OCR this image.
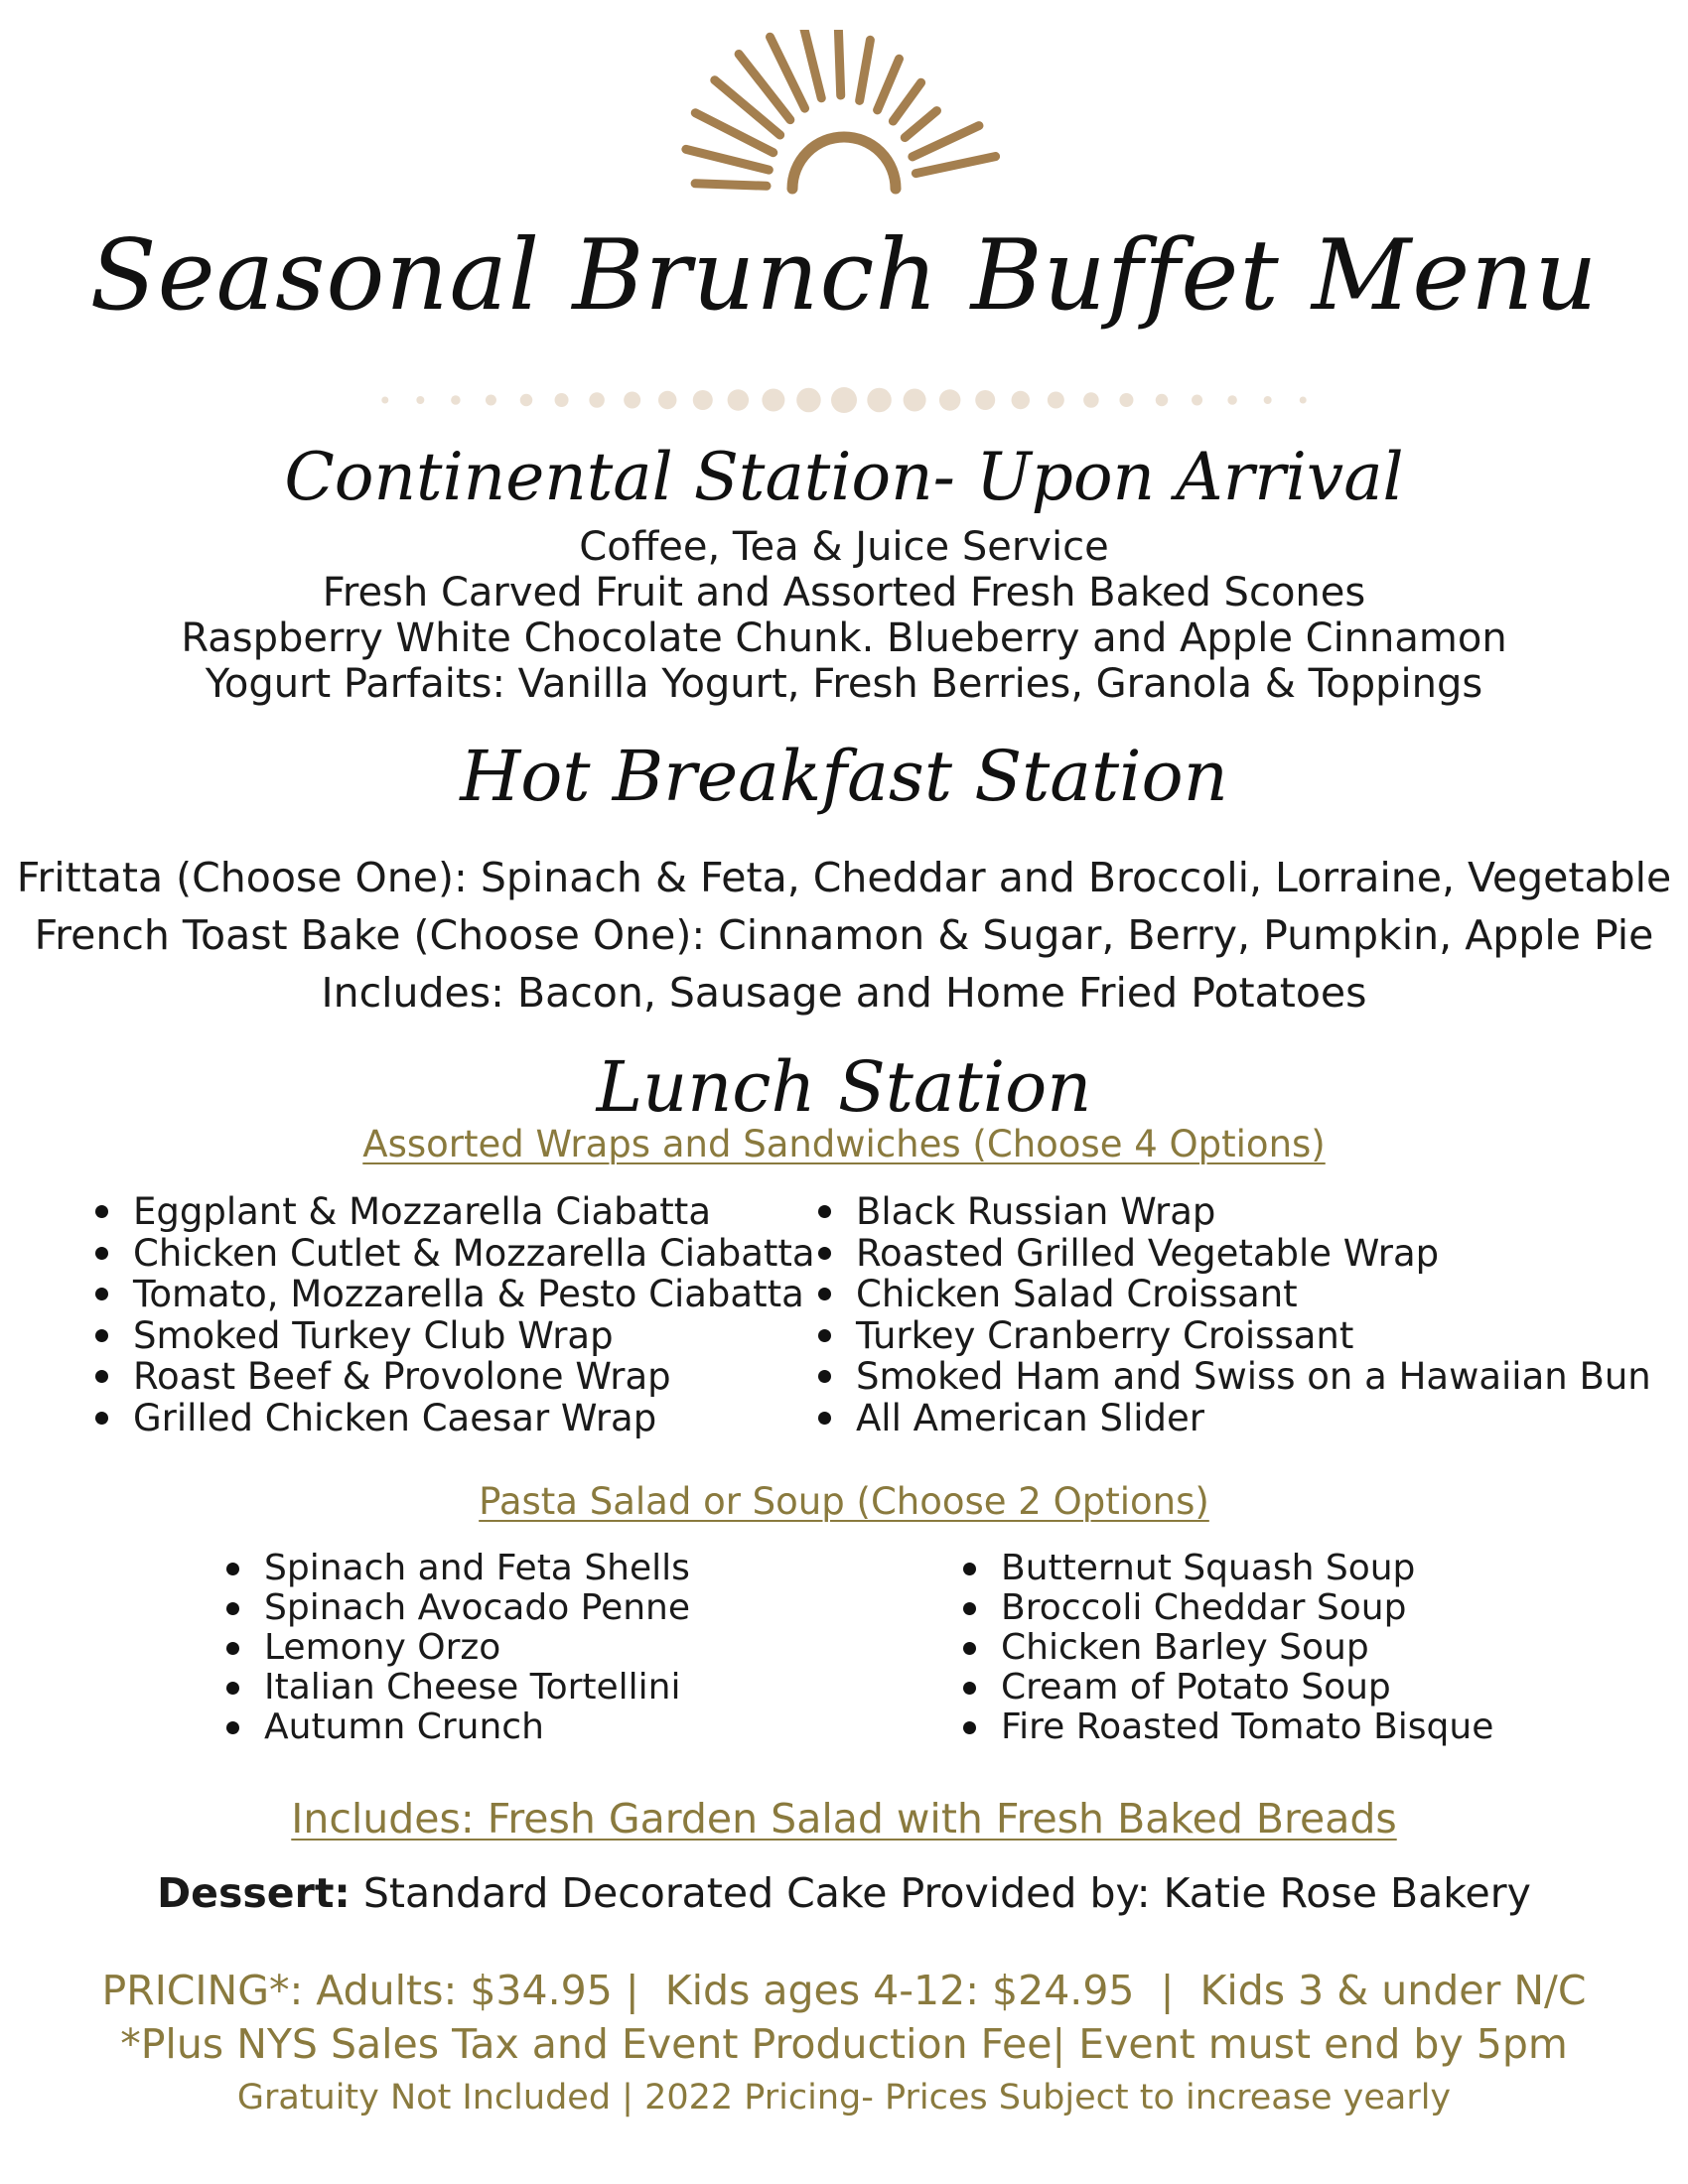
Seasonal Brunch Buffet Menu
Continental Station- Upon Arrival
Coffee, Tea & Juice Service
Fresh Carved Fruit and Assorted Fresh Baked Scones
Raspberry White Chocolate Chunk. Blueberry and Apple Cinnamon
Yogurt Parfaits: Vanilla Yogurt, Fresh Berries, Granola & Toppings
Hot Breakfast Station
Frittata (Choose One): Spinach & Feta, Cheddar and Broccoli, Lorraine, Vegetable
French Toast Bake (Choose One): Cinnamon & Sugar, Berry, Pumpkin, Apple Pie
Includes: Bacon, Sausage and Home Fried Potatoes
Lunch Station
Assorted Wraps and Sandwiches (Choose 4 Options)
Eggplant & Mozzarella Ciabatta
Chicken Cutlet & Mozzarella Ciabatta
Tomato, Mozzarella & Pesto Ciabatta
Smoked Turkey Club Wrap
Roast Beef & Provolone Wrap
Grilled Chicken Caesar Wrap
Black Russian Wrap
Roasted Grilled Vegetable Wrap
Chicken Salad Croissant
Turkey Cranberry Croissant
Smoked Ham and Swiss on a Hawaiian Bun
All American Slider
Pasta Salad or Soup (Choose 2 Options)
Spinach and Feta Shells
Spinach Avocado Penne
Lemony Orzo
Italian Cheese Tortellini
Autumn Crunch
Butternut Squash Soup
Broccoli Cheddar Soup
Chicken Barley Soup
Cream of Potato Soup
Fire Roasted Tomato Bisque
Includes: Fresh Garden Salad with Fresh Baked Breads
Dessert: Standard Decorated Cake Provided by: Katie Rose Bakery
PRICING*: Adults: $34.95 |  Kids ages 4-12: $24.95  |  Kids 3 & under N/C
*Plus NYS Sales Tax and Event Production Fee| Event must end by 5pm
Gratuity Not Included | 2022 Pricing- Prices Subject to increase yearly
